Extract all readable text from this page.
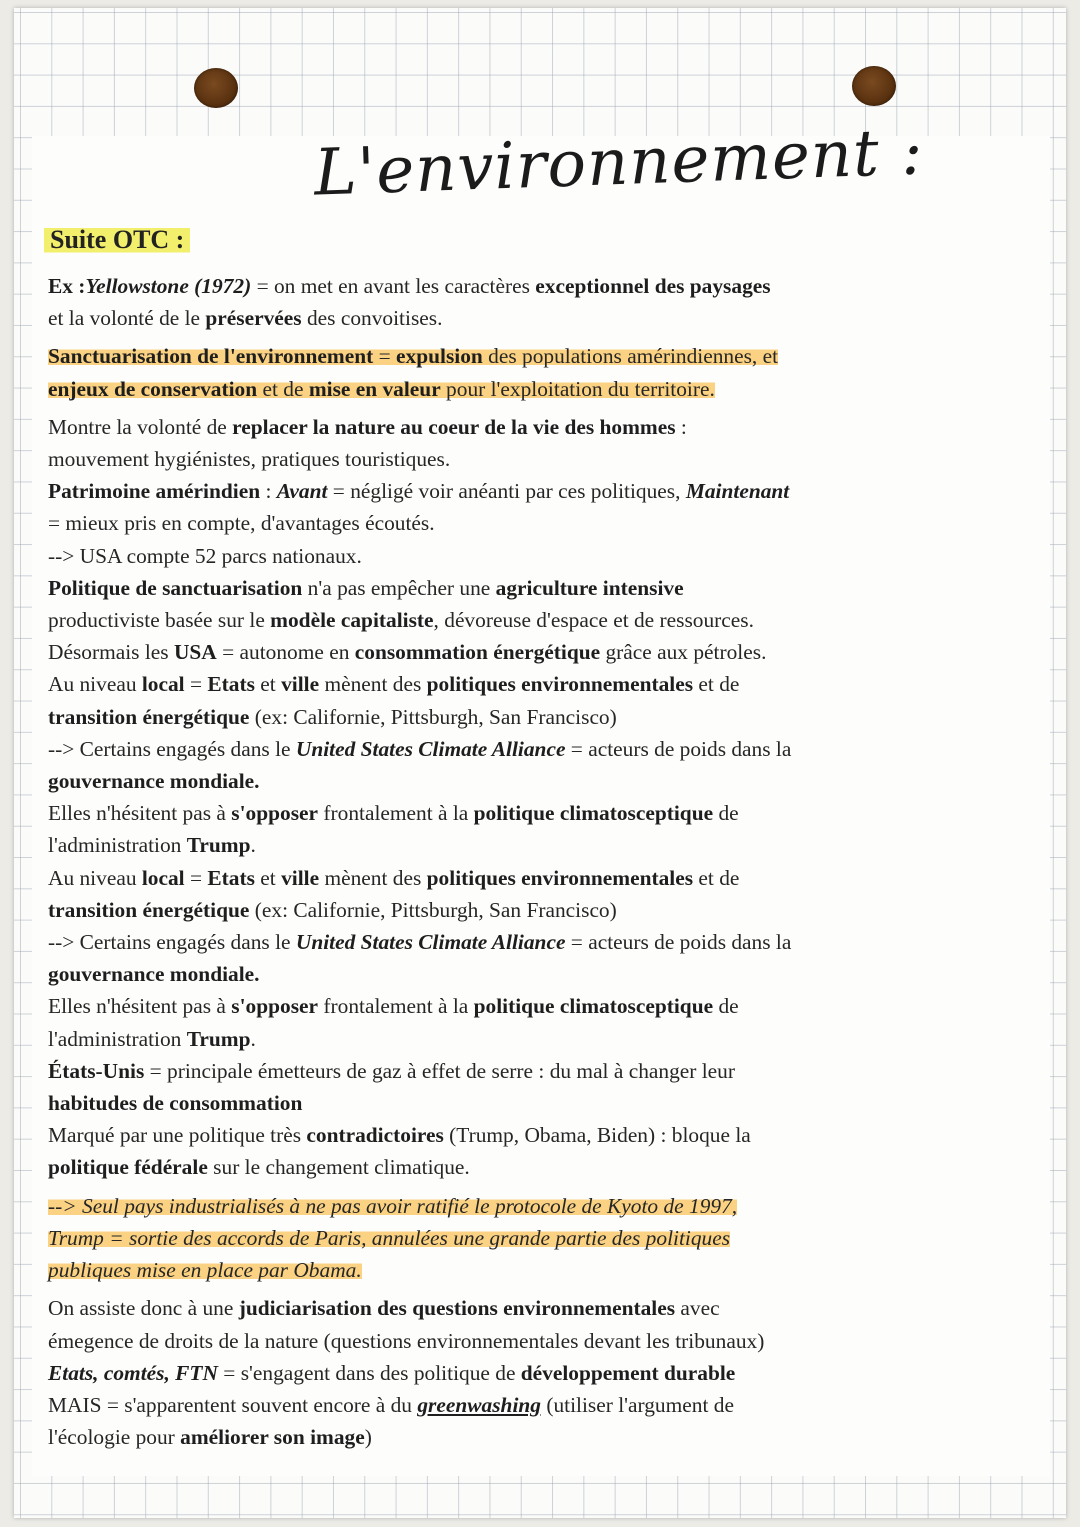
L'environnement :
Suite OTC :
Ex :Yellowstone (1972) = on met en avant les caractères exceptionnel des paysages
et la volonté de le préservées des convoitises.
Sanctuarisation de l'environnement = expulsion des populations amérindiennes, et
enjeux de conservation et de mise en valeur pour l'exploitation du territoire.
Montre la volonté de replacer la nature au coeur de la vie des hommes :
mouvement hygiénistes, pratiques touristiques.
Patrimoine amérindien : Avant = négligé voir anéanti par ces politiques, Maintenant
= mieux pris en compte, d'avantages écoutés.
--> USA compte 52 parcs nationaux.
Politique de sanctuarisation n'a pas empêcher une agriculture intensive
productiviste basée sur le modèle capitaliste, dévoreuse d'espace et de ressources.
Désormais les USA = autonome en consommation énergétique grâce aux pétroles.
Au niveau local = Etats et ville mènent des politiques environnementales et de
transition énergétique (ex: Californie, Pittsburgh, San Francisco)
--> Certains engagés dans le United States Climate Alliance = acteurs de poids dans la
gouvernance mondiale.
Elles n'hésitent pas à s'opposer frontalement à la politique climatosceptique de
l'administration Trump.
Au niveau local = Etats et ville mènent des politiques environnementales et de
transition énergétique (ex: Californie, Pittsburgh, San Francisco)
--> Certains engagés dans le United States Climate Alliance = acteurs de poids dans la
gouvernance mondiale.
Elles n'hésitent pas à s'opposer frontalement à la politique climatosceptique de
l'administration Trump.
États-Unis = principale émetteurs de gaz à effet de serre : du mal à changer leur
habitudes de consommation
Marqué par une politique très contradictoires (Trump, Obama, Biden) : bloque la
politique fédérale sur le changement climatique.
--> Seul pays industrialisés à ne pas avoir ratifié le protocole de Kyoto de 1997,
Trump = sortie des accords de Paris, annulées une grande partie des politiques
publiques mise en place par Obama.
On assiste donc à une judiciarisation des questions environnementales avec
émegence de droits de la nature (questions environnementales devant les tribunaux)
Etats, comtés, FTN = s'engagent dans des politique de développement durable
MAIS = s'apparentent souvent encore à du greenwashing (utiliser l'argument de
l'écologie pour améliorer son image)
